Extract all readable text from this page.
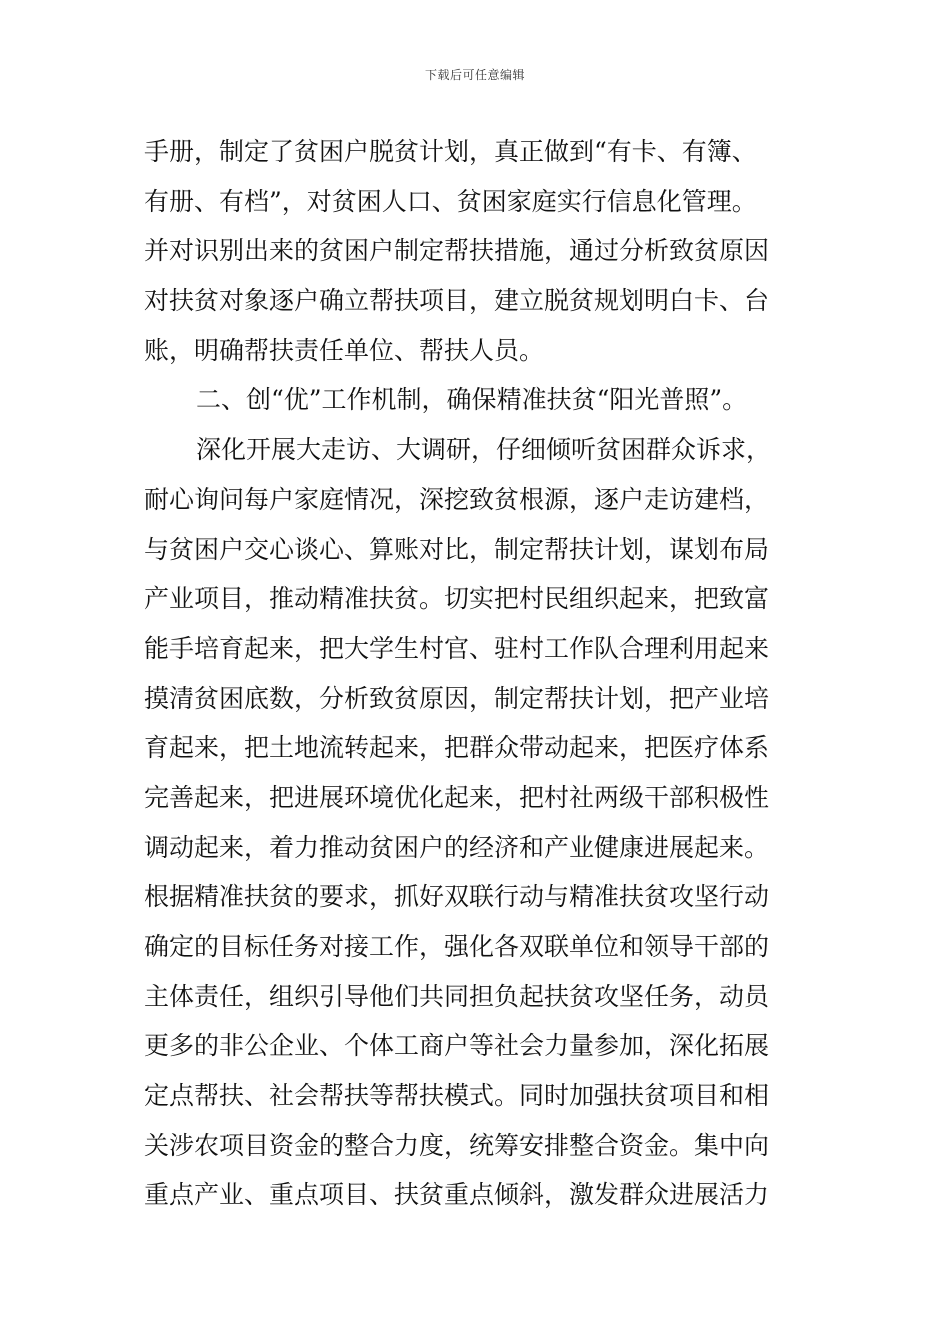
下载后可任意编辑
手册，制定了贫困户脱贫计划，真正做到“有卡、有簿、
有册、有档”，对贫困人口、贫困家庭实行信息化管理。
并对识别出来的贫困户制定帮扶措施，通过分析致贫原因
对扶贫对象逐户确立帮扶项目，建立脱贫规划明白卡、台
账，明确帮扶责任单位、帮扶人员。
二、创“优”工作机制，确保精准扶贫“阳光普照”。
深化开展大走访、大调研，仔细倾听贫困群众诉求，
耐心询问每户家庭情况，深挖致贫根源，逐户走访建档，
与贫困户交心谈心、算账对比，制定帮扶计划，谋划布局
产业项目，推动精准扶贫。切实把村民组织起来，把致富
能手培育起来，把大学生村官、驻村工作队合理利用起来
摸清贫困底数，分析致贫原因，制定帮扶计划，把产业培
育起来，把土地流转起来，把群众带动起来，把医疗体系
完善起来，把进展环境优化起来，把村社两级干部积极性
调动起来，着力推动贫困户的经济和产业健康进展起来。
根据精准扶贫的要求，抓好双联行动与精准扶贫攻坚行动
确定的目标任务对接工作，强化各双联单位和领导干部的
主体责任，组织引导他们共同担负起扶贫攻坚任务，动员
更多的非公企业、个体工商户等社会力量参加，深化拓展
定点帮扶、社会帮扶等帮扶模式。同时加强扶贫项目和相
关涉农项目资金的整合力度，统筹安排整合资金。集中向
重点产业、重点项目、扶贫重点倾斜，激发群众进展活力
